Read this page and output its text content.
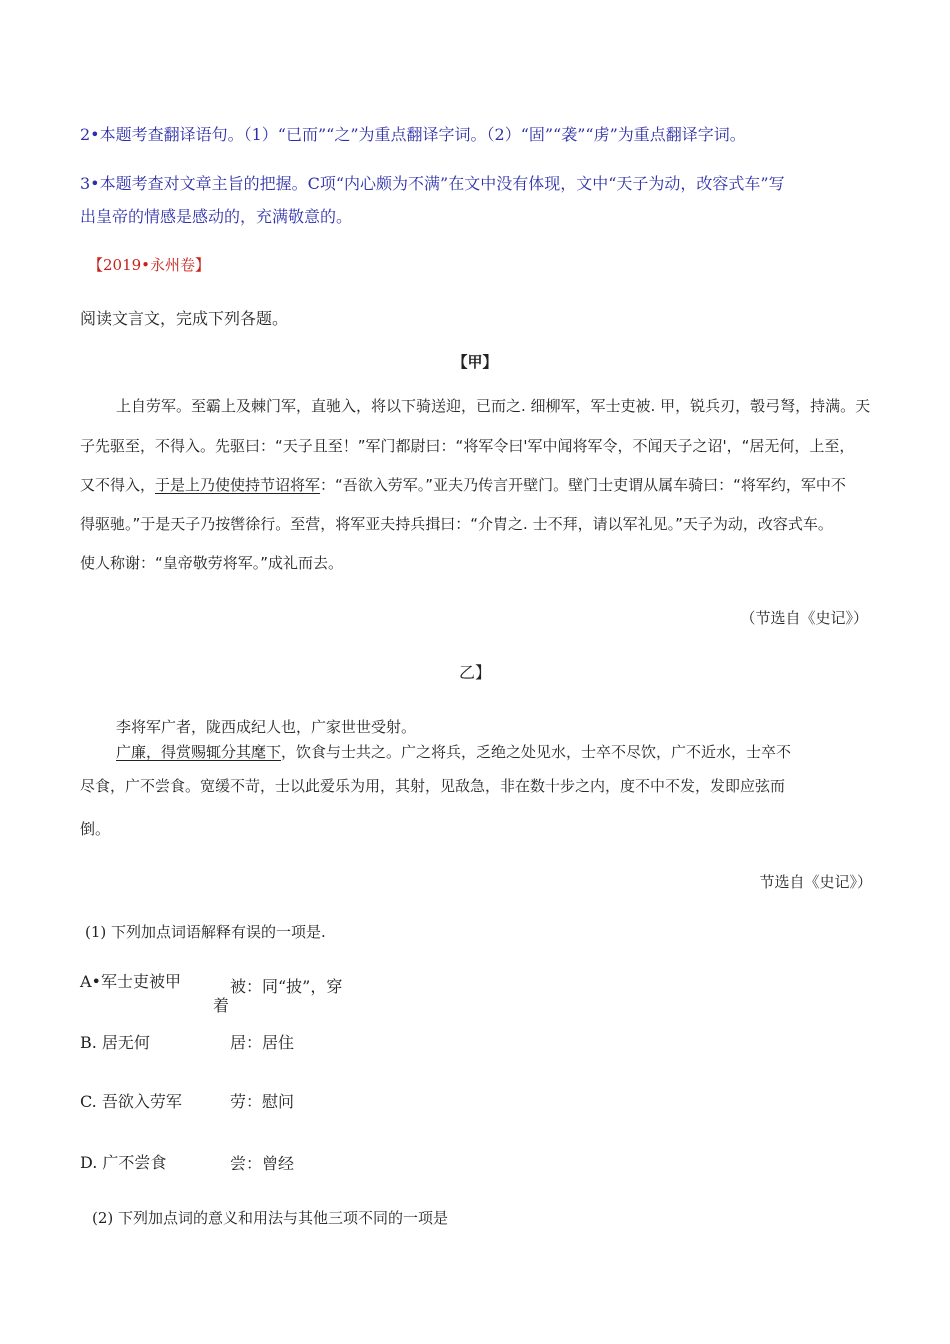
2•本题考查翻译语句。（1）“已而”“之”为重点翻译字词。（2）“固”“袭”“虏”为重点翻译字词。
3•本题考查对文章主旨的把握。C项“内心颇为不满”在文中没有体现，文中“天子为动，改容式车”写
出皇帝的情感是感动的，充满敬意的。
【2019•永州卷】
阅读文言文，完成下列各题。
【甲】
上自劳军。至霸上及棘门军，直驰入，将以下骑送迎，已而之. 细柳军，军士吏被. 甲，锐兵刃，彀弓弩，持满。天
子先驱至，不得入。先驱曰：“天子且至！”军门都尉曰：“将军令曰'军中闻将军令，不闻天子之诏'，“居无何，上至，
又不得入，于是上乃使使持节诏将军：“吾欲入劳军。”亚夫乃传言开壁门。壁门士吏谓从属车骑曰：“将军约，军中不
得驱驰。”于是天子乃按辔徐行。至营，将军亚夫持兵揖曰：“介胄之. 士不拜，请以军礼见。”天子为动，改容式车。
使人称谢：“皇帝敬劳将军。”成礼而去。
（节选自《史记》）
乙】
李将军广者，陇西成纪人也，广家世世受射。
广廉，得赏赐辄分其麾下，饮食与士共之。广之将兵，乏绝之处见水，士卒不尽饮，广不近水，士卒不
尽食，广不尝食。宽缓不苛，士以此爱乐为用，其射，见敌急，非在数十步之内，度不中不发，发即应弦而
倒。
节选自《史记》）
(1) 下列加点词语解释有误的一项是.
A•军士吏被甲	被：同“披”，穿
着
B. 居无何	居：居住
C. 吾欲入劳军	劳：慰问
D. 广不尝食	尝：曾经
(2) 下列加点词的意义和用法与其他三项不同的一项是
